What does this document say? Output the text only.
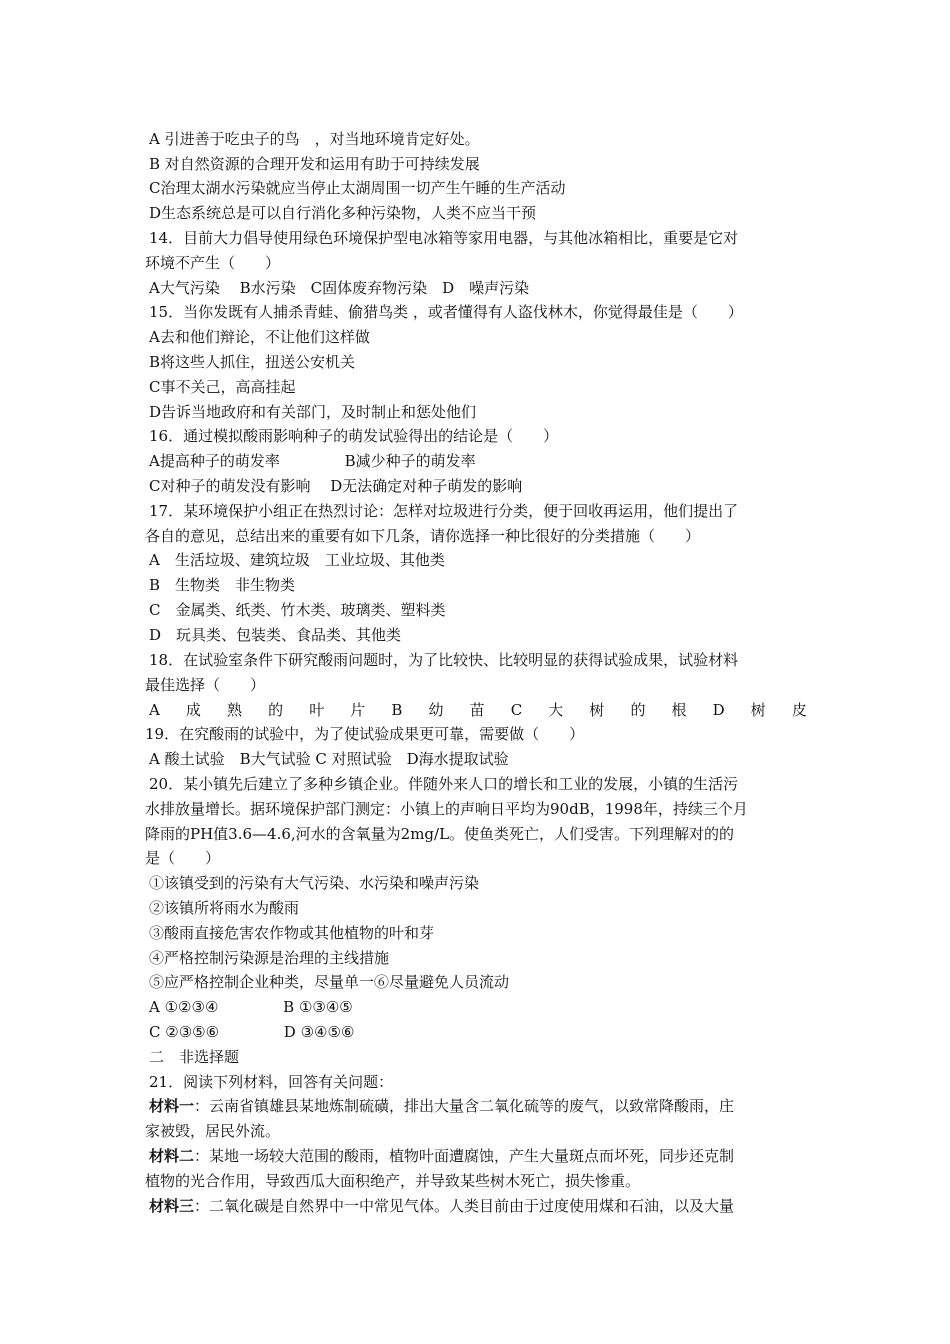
A 引进善于吃虫子的鸟　，对当地环境肯定好处。
B 对自然资源的合理开发和运用有助于可持续发展
C治理太湖水污染就应当停止太湖周围一切产生午睡的生产活动
D生态系统总是可以自行消化多种污染物，人类不应当干预
14．目前大力倡导使用绿色环境保护型电冰箱等家用电器，与其他冰箱相比，重要是它对
环境不产生（　　）
A大气污染　 B水污染　C固体废弃物污染　D　噪声污染
15．当你发既有人捕杀青蛙、偷猎鸟类 ，或者懂得有人盗伐林木，你觉得最佳是（　　）
A去和他们辩论，不让他们这样做
B将这些人抓住，扭送公安机关
C事不关己，高高挂起
D告诉当地政府和有关部门，及时制止和惩处他们
16．通过模拟酸雨影响种子的萌发试验得出的结论是（　　）
A提高种子的萌发率　　　　 B减少种子的萌发率
C对种子的萌发没有影响　 D无法确定对种子萌发的影响
17．某环境保护小组正在热烈讨论：怎样对垃圾进行分类，便于回收再运用，他们提出了
各自的意见，总结出来的重要有如下几条，请你选择一种比很好的分类措施（　　）
A　生活垃圾、建筑垃圾　工业垃圾、其他类
B　生物类　非生物类
C　金属类、纸类、竹木类、玻璃类、塑料类
D　玩具类、包装类、食品类、其他类
18．在试验室条件下研究酸雨问题时，为了比较快、比较明显的获得试验成果，试验材料
最佳选择（　　）
A 成 熟 的 叶 片 B 幼 苗 C 大 树 的 根 D 树 皮
19．在究酸雨的试验中，为了使试验成果更可靠，需要做（　　）
A 酸土试验　B大气试验 C 对照试验　D海水提取试验
20．某小镇先后建立了多种乡镇企业。伴随外来人口的增长和工业的发展，小镇的生活污
水排放量增长。据环境保护部门测定：小镇上的声响日平均为90dB，1998年，持续三个月
降雨的PH值3.6—4.6,河水的含氧量为2mg/L。使鱼类死亡，人们受害。下列理解对的的
是（　　）
①该镇受到的污染有大气污染、水污染和噪声污染
②该镇所将雨水为酸雨
③酸雨直接危害农作物或其他植物的叶和芽
④严格控制污染源是治理的主线措施
⑤应严格控制企业种类，尽量单一⑥尽量避免人员流动
A ①②③④　　　　 B ①③④⑤
C ②③⑤⑥　　　　 D ③④⑤⑥
二　非选择题
21．阅读下列材料，回答有关问题：
材料一：云南省镇雄县某地炼制硫磺，排出大量含二氧化硫等的废气，以致常降酸雨，庄
家被毁，居民外流。
材料二：某地一场较大范围的酸雨，植物叶面遭腐蚀，产生大量斑点而坏死，同步还克制
植物的光合作用，导致西瓜大面积绝产，并导致某些树木死亡，损失惨重。
材料三：二氧化碳是自然界中一中常见气体。人类目前由于过度使用煤和石油，以及大量
